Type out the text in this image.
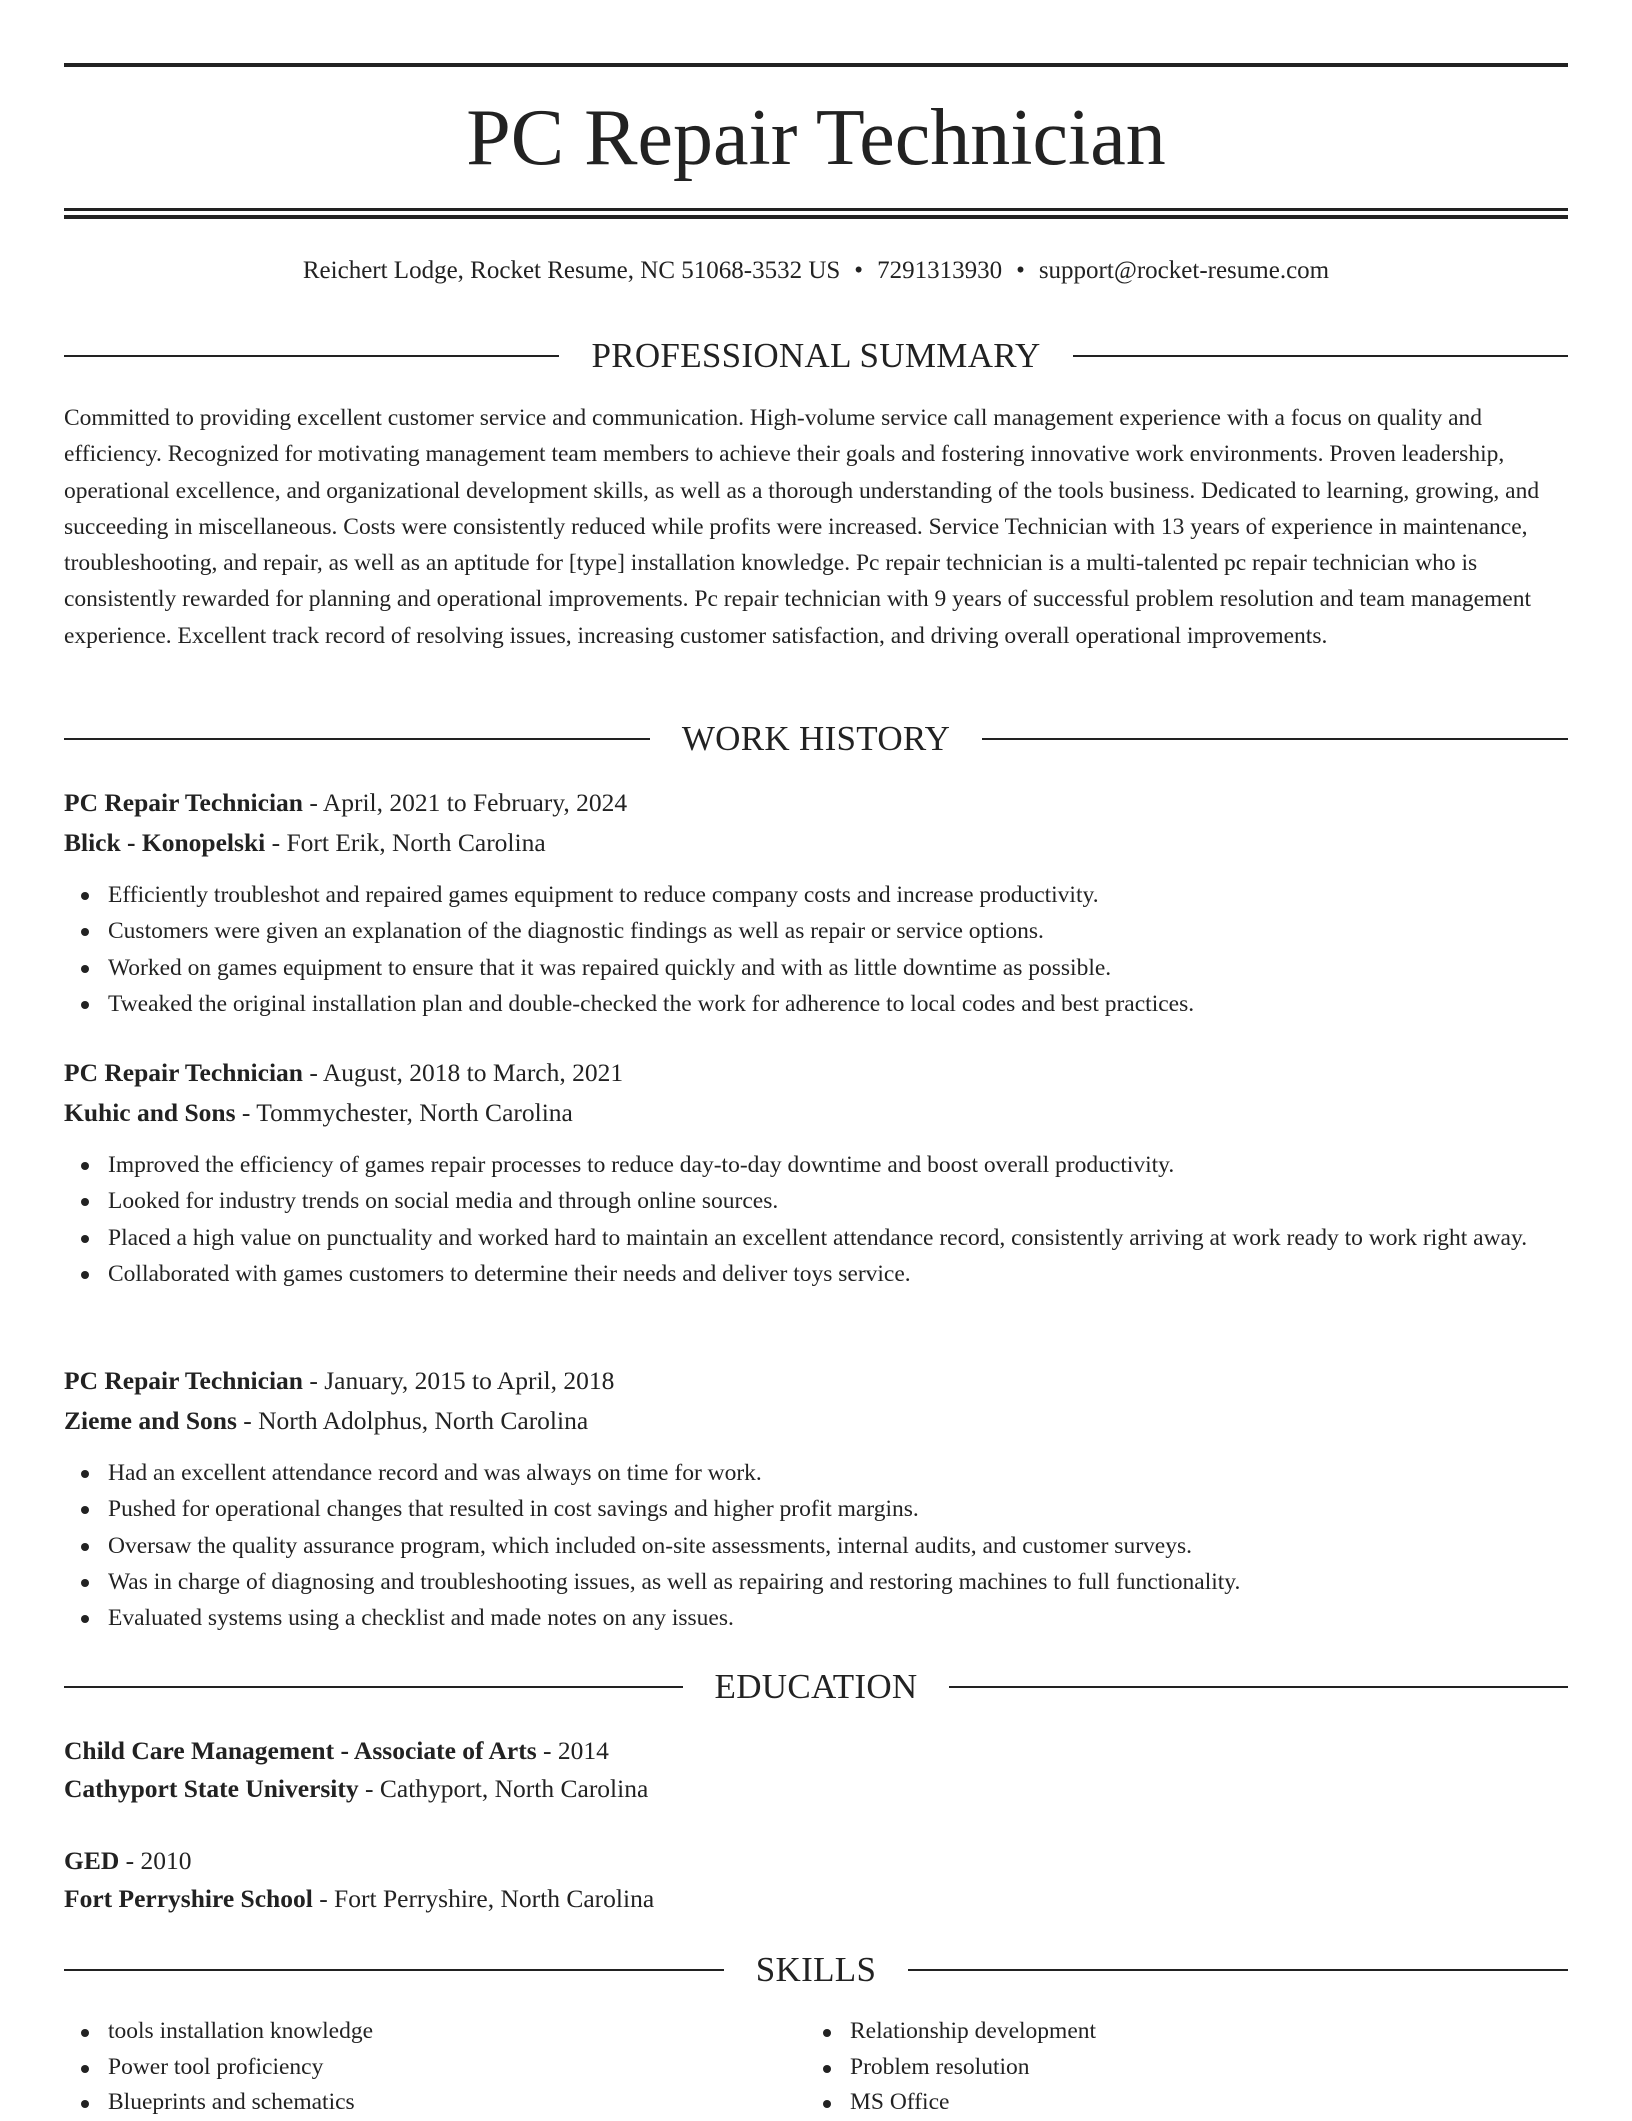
PC Repair Technician
Reichert Lodge, Rocket Resume, NC 51068-3532 US • 7291313930 • support@rocket-resume.com
PROFESSIONAL SUMMARY

Committed to providing excellent customer service and communication. High-volume service call management experience with a focus on quality and efficiency. Recognized for motivating management team members to achieve their goals and fostering innovative work environments. Proven leadership, operational excellence, and organizational development skills, as well as a thorough understanding of the tools business. Dedicated to learning, growing, and succeeding in miscellaneous. Costs were consistently reduced while profits were increased. Service Technician with 13 years of experience in maintenance, troubleshooting, and repair, as well as an aptitude for [type] installation knowledge. Pc repair technician is a multi-talented pc repair technician who is consistently rewarded for planning and operational improvements. Pc repair technician with 9 years of successful problem resolution and team management experience. Excellent track record of resolving issues, increasing customer satisfaction, and driving overall operational improvements.

WORK HISTORY
PC Repair Technician - April, 2021 to February, 2024
Blick - Konopelski - Fort Erik, North Carolina
Efficiently troubleshot and repaired games equipment to reduce company costs and increase productivity.
Customers were given an explanation of the diagnostic findings as well as repair or service options.
Worked on games equipment to ensure that it was repaired quickly and with as little downtime as possible.
Tweaked the original installation plan and double-checked the work for adherence to local codes and best practices.
PC Repair Technician - August, 2018 to March, 2021
Kuhic and Sons - Tommychester, North Carolina
Improved the efficiency of games repair processes to reduce day-to-day downtime and boost overall productivity.
Looked for industry trends on social media and through online sources.
Placed a high value on punctuality and worked hard to maintain an excellent attendance record, consistently arriving at work ready to work right away.
Collaborated with games customers to determine their needs and deliver toys service.
PC Repair Technician - January, 2015 to April, 2018
Zieme and Sons - North Adolphus, North Carolina
Had an excellent attendance record and was always on time for work.
Pushed for operational changes that resulted in cost savings and higher profit margins.
Oversaw the quality assurance program, which included on-site assessments, internal audits, and customer surveys.
Was in charge of diagnosing and troubleshooting issues, as well as repairing and restoring machines to full functionality.
Evaluated systems using a checklist and made notes on any issues.
EDUCATION
Child Care Management - Associate of Arts - 2014
Cathyport State University - Cathyport, North Carolina
GED - 2010
Fort Perryshire School - Fort Perryshire, North Carolina
SKILLS
tools installation knowledge
Power tool proficiency
Blueprints and schematics
Relationship development
Problem resolution
MS Office
